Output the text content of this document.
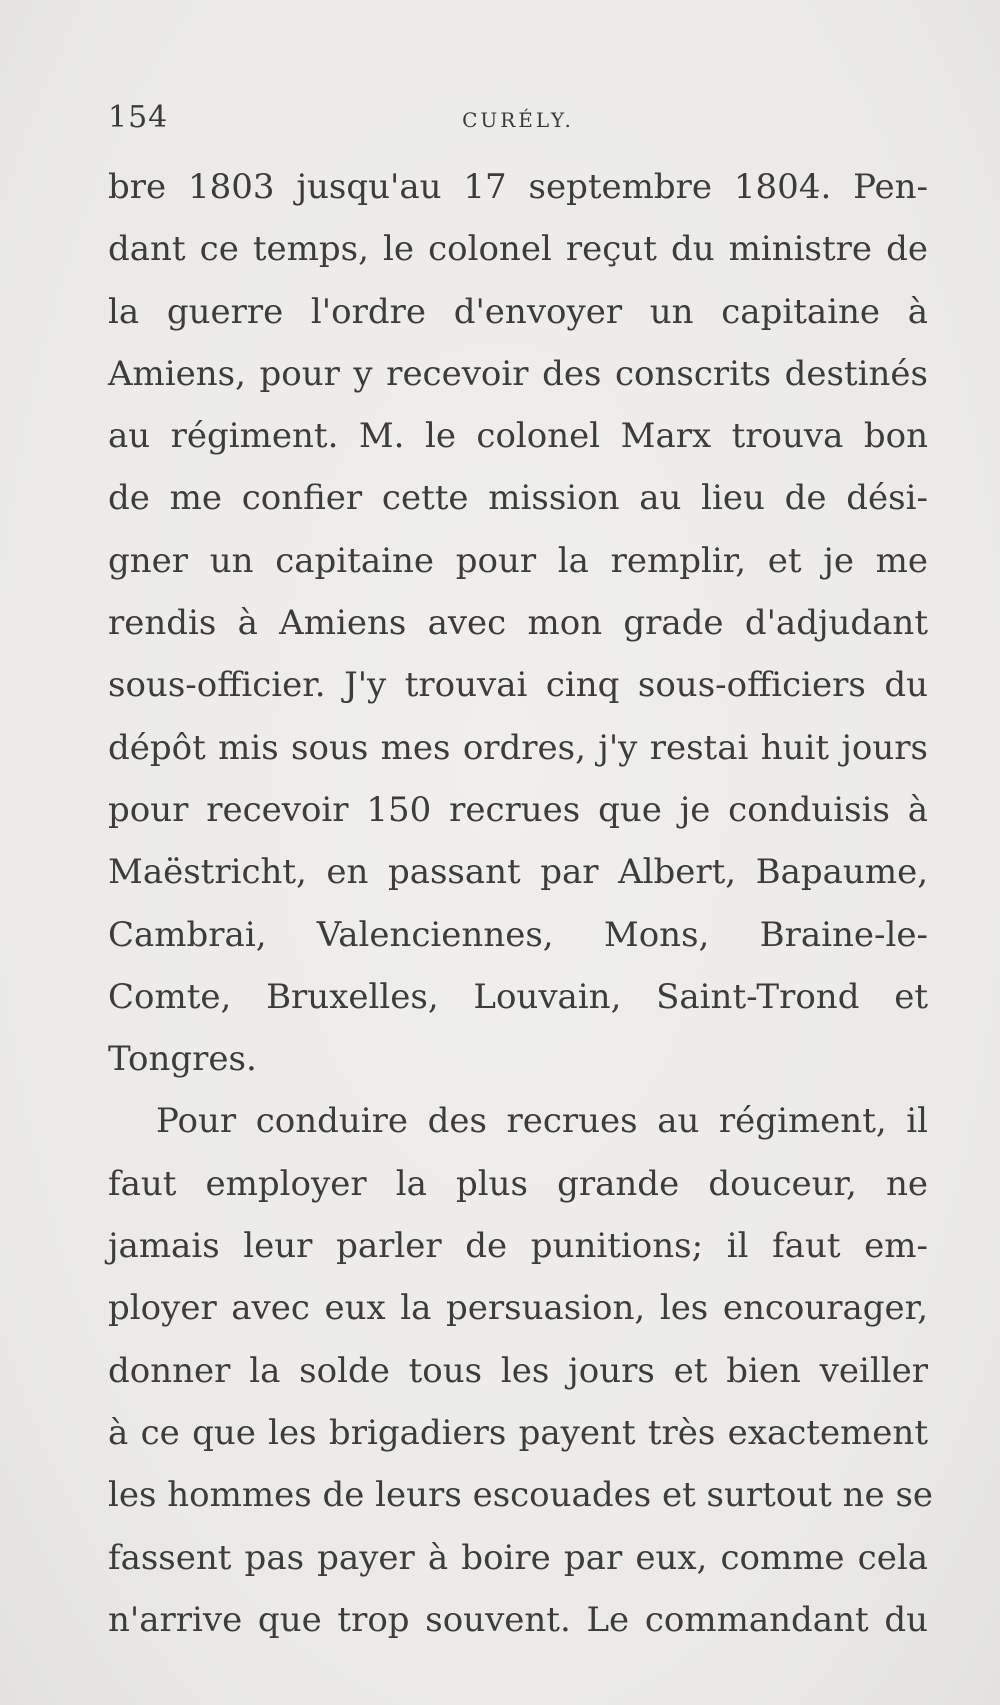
154	CURÉLY.
bre 1803 jusqu'au 17 septembre 1804. Pen-
dant ce temps, le colonel reçut du ministre de
la guerre l'ordre d'envoyer un capitaine à
Amiens, pour y recevoir des conscrits destinés
au régiment. M. le colonel Marx trouva bon
de me confier cette mission au lieu de dési-
gner un capitaine pour la remplir, et je me
rendis à Amiens avec mon grade d'adjudant
sous-officier. J'y trouvai cinq sous-officiers du
dépôt mis sous mes ordres, j'y restai huit jours
pour recevoir 150 recrues que je conduisis à
Maëstricht, en passant par Albert, Bapaume,
Cambrai, Valenciennes, Mons, Braine-le-
Comte, Bruxelles, Louvain, Saint-Trond et
Tongres.
Pour conduire des recrues au régiment, il
faut employer la plus grande douceur, ne
jamais leur parler de punitions; il faut em-
ployer avec eux la persuasion, les encourager,
donner la solde tous les jours et bien veiller
à ce que les brigadiers payent très exactement
les hommes de leurs escouades et surtout ne se
fassent pas payer à boire par eux, comme cela
n'arrive que trop souvent. Le commandant du
